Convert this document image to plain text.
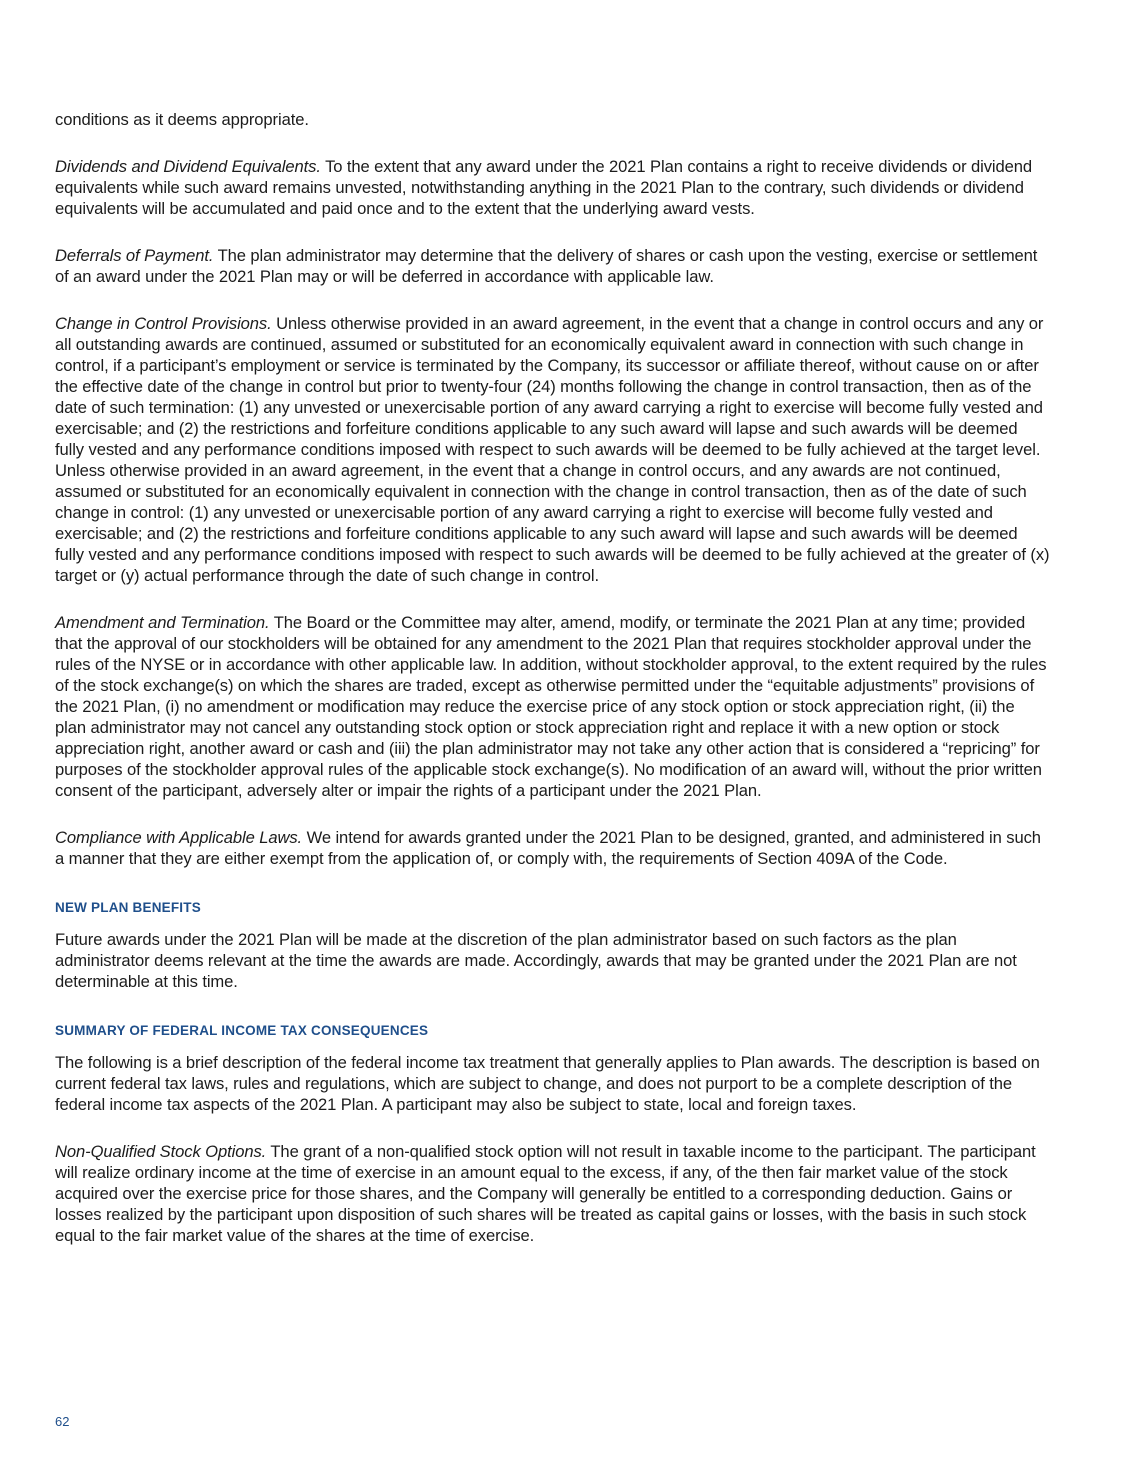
conditions as it deems appropriate.

Dividends and Dividend Equivalents. To the extent that any award under the 2021 Plan contains a right to receive dividends or dividend equivalents while such award remains unvested, notwithstanding anything in the 2021 Plan to the contrary, such dividends or dividend equivalents will be accumulated and paid once and to the extent that the underlying award vests.

Deferrals of Payment. The plan administrator may determine that the delivery of shares or cash upon the vesting, exercise or settlement of an award under the 2021 Plan may or will be deferred in accordance with applicable law.

Change in Control Provisions. Unless otherwise provided in an award agreement, in the event that a change in control occurs and any or all outstanding awards are continued, assumed or substituted for an economically equivalent award in connection with such change in control, if a participant’s employment or service is terminated by the Company, its successor or affiliate thereof, without cause on or after the effective date of the change in control but prior to twenty-four (24) months following the change in control transaction, then as of the date of such termination: (1) any unvested or unexercisable portion of any award carrying a right to exercise will become fully vested and exercisable; and (2) the restrictions and forfeiture conditions applicable to any such award will lapse and such awards will be deemed fully vested and any performance conditions imposed with respect to such awards will be deemed to be fully achieved at the target level. Unless otherwise provided in an award agreement, in the event that a change in control occurs, and any awards are not continued, assumed or substituted for an economically equivalent in connection with the change in control transaction, then as of the date of such change in control: (1) any unvested or unexercisable portion of any award carrying a right to exercise will become fully vested and exercisable; and (2) the restrictions and forfeiture conditions applicable to any such award will lapse and such awards will be deemed fully vested and any performance conditions imposed with respect to such awards will be deemed to be fully achieved at the greater of (x) target or (y) actual performance through the date of such change in control.

Amendment and Termination. The Board or the Committee may alter, amend, modify, or terminate the 2021 Plan at any time; provided that the approval of our stockholders will be obtained for any amendment to the 2021 Plan that requires stockholder approval under the rules of the NYSE or in accordance with other applicable law. In addition, without stockholder approval, to the extent required by the rules of the stock exchange(s) on which the shares are traded, except as otherwise permitted under the “equitable adjustments” provisions of the 2021 Plan, (i) no amendment or modification may reduce the exercise price of any stock option or stock appreciation right, (ii) the plan administrator may not cancel any outstanding stock option or stock appreciation right and replace it with a new option or stock appreciation right, another award or cash and (iii) the plan administrator may not take any other action that is considered a “repricing” for purposes of the stockholder approval rules of the applicable stock exchange(s). No modification of an award will, without the prior written consent of the participant, adversely alter or impair the rights of a participant under the 2021 Plan.

Compliance with Applicable Laws. We intend for awards granted under the 2021 Plan to be designed, granted, and administered in such a manner that they are either exempt from the application of, or comply with, the requirements of Section 409A of the Code.

NEW PLAN BENEFITS

Future awards under the 2021 Plan will be made at the discretion of the plan administrator based on such factors as the plan administrator deems relevant at the time the awards are made. Accordingly, awards that may be granted under the 2021 Plan are not determinable at this time.

SUMMARY OF FEDERAL INCOME TAX CONSEQUENCES

The following is a brief description of the federal income tax treatment that generally applies to Plan awards. The description is based on current federal tax laws, rules and regulations, which are subject to change, and does not purport to be a complete description of the federal income tax aspects of the 2021 Plan. A participant may also be subject to state, local and foreign taxes.

Non-Qualified Stock Options. The grant of a non-qualified stock option will not result in taxable income to the participant. The participant will realize ordinary income at the time of exercise in an amount equal to the excess, if any, of the then fair market value of the stock acquired over the exercise price for those shares, and the Company will generally be entitled to a corresponding deduction. Gains or losses realized by the participant upon disposition of such shares will be treated as capital gains or losses, with the basis in such stock equal to the fair market value of the shares at the time of exercise.

62
